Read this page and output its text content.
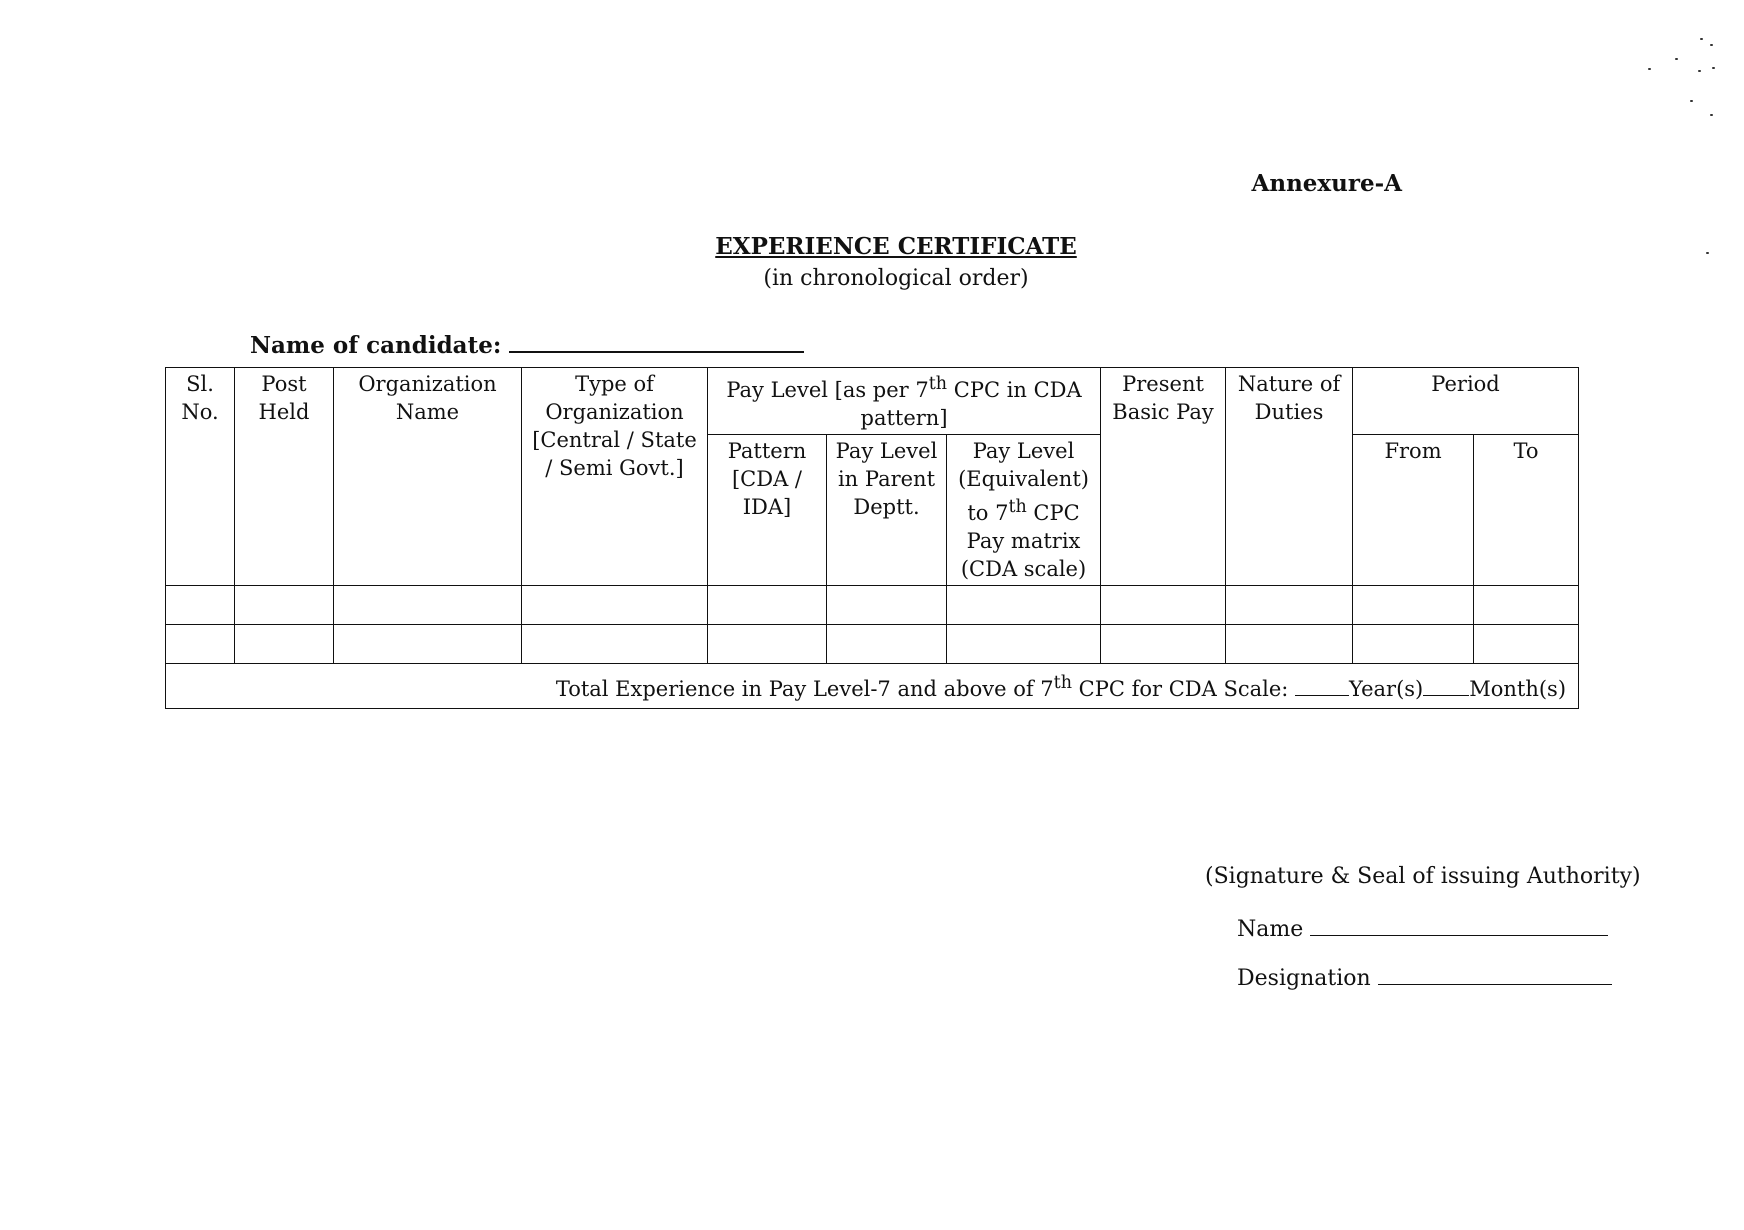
Annexure-A
EXPERIENCE CERTIFICATE
(in chronological order)
Name of candidate:
Sl. No.	Post Held	Organization Name	Type of Organization [Central / State / Semi Govt.]	Pay Level [as per 7th CPC in CDA pattern]			Present Basic Pay	Nature of Duties	Period	
				Pattern [CDA / IDA]	Pay Level in Parent Deptt.	Pay Level (Equivalent) to 7th CPC Pay matrix (CDA scale)			From	To

Total Experience in Pay Level-7 and above of 7th CPC for CDA Scale: Year(s) Month(s)										
(Signature & Seal of issuing Authority)
Name
Designation
